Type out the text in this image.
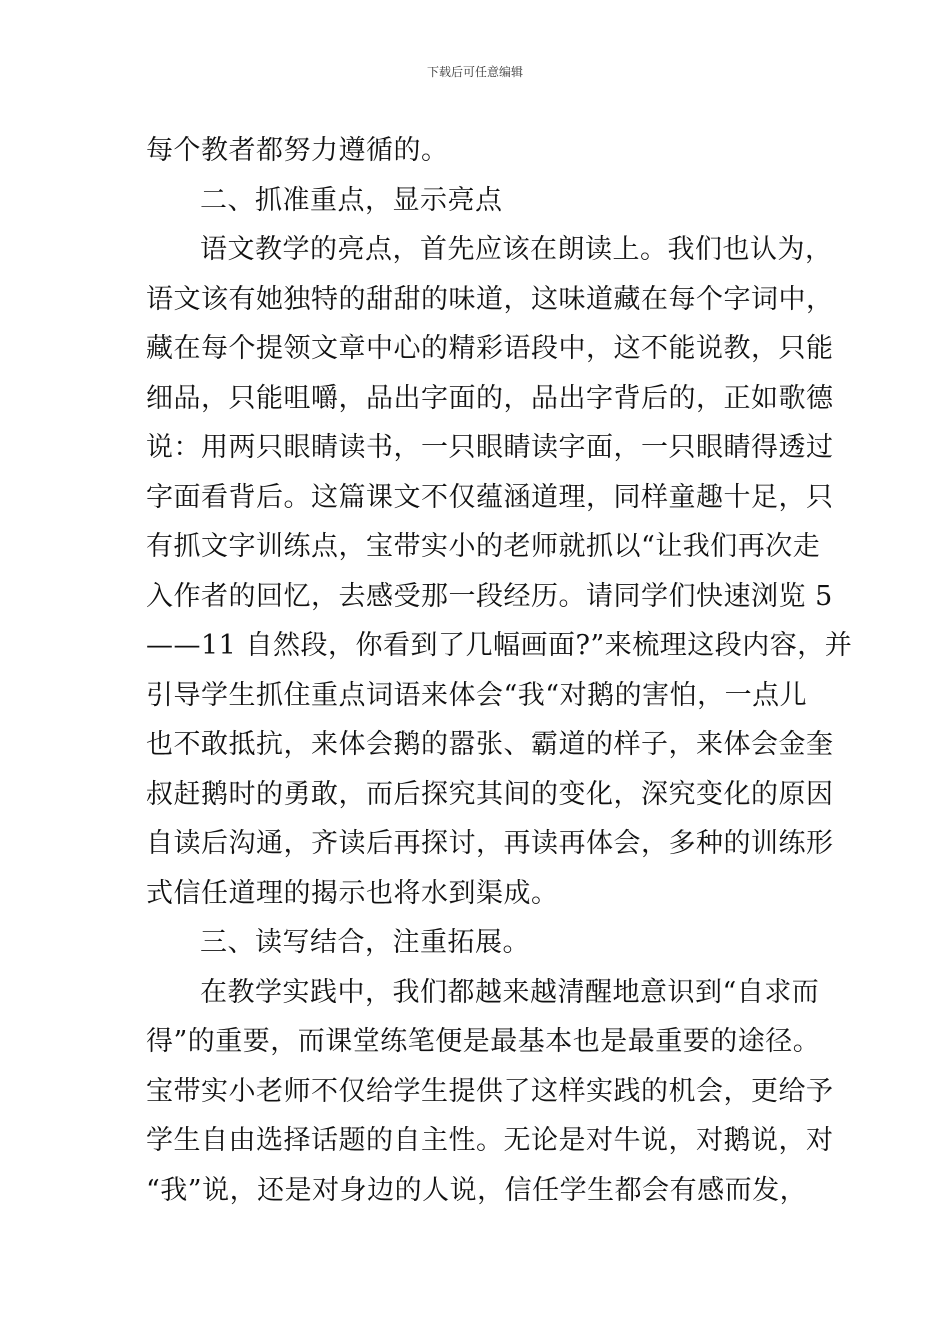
下载后可任意编辑
每个教者都努力遵循的。
二、抓准重点，显示亮点
语文教学的亮点，首先应该在朗读上。我们也认为，
语文该有她独特的甜甜的味道，这味道藏在每个字词中，
藏在每个提领文章中心的精彩语段中，这不能说教，只能
细品，只能咀嚼，品出字面的，品出字背后的，正如歌德
说：用两只眼睛读书，一只眼睛读字面，一只眼睛得透过
字面看背后。这篇课文不仅蕴涵道理，同样童趣十足，只
有抓文字训练点，宝带实小的老师就抓以“让我们再次走
入作者的回忆，去感受那一段经历。请同学们快速浏览 5
——11 自然段，你看到了几幅画面?”来梳理这段内容，并
引导学生抓住重点词语来体会“我“对鹅的害怕，一点儿
也不敢抵抗，来体会鹅的嚣张、霸道的样子，来体会金奎
叔赶鹅时的勇敢，而后探究其间的变化，深究变化的原因
自读后沟通，齐读后再探讨，再读再体会，多种的训练形
式信任道理的揭示也将水到渠成。
三、读写结合，注重拓展。
在教学实践中，我们都越来越清醒地意识到“自求而
得”的重要，而课堂练笔便是最基本也是最重要的途径。
宝带实小老师不仅给学生提供了这样实践的机会，更给予
学生自由选择话题的自主性。无论是对牛说，对鹅说，对
“我”说，还是对身边的人说，信任学生都会有感而发，
